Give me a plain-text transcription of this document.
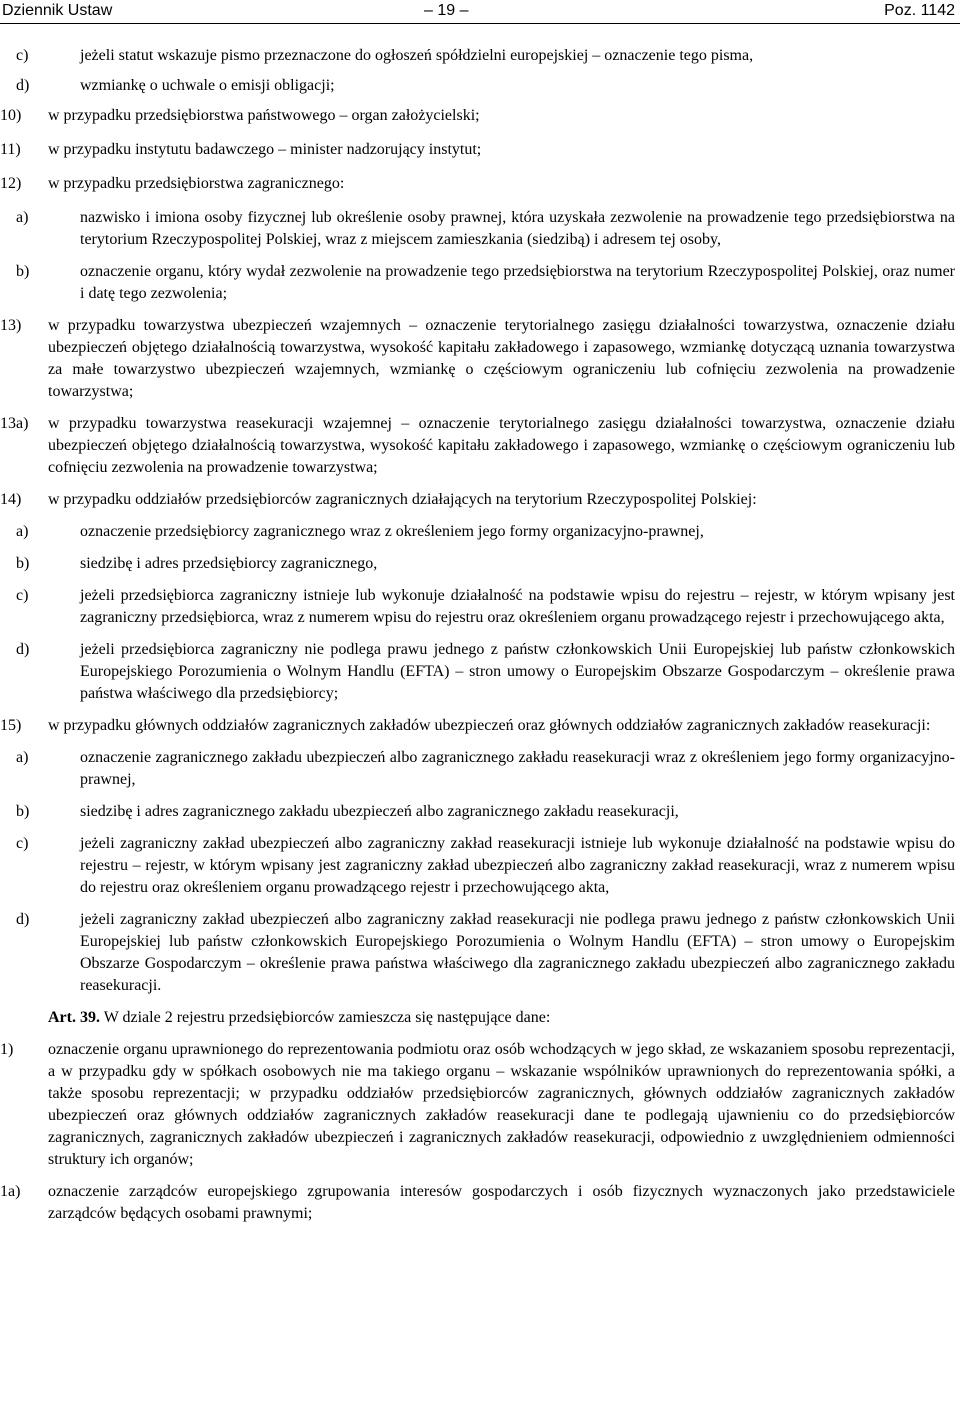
Dziennik Ustaw	– 19 –	Poz. 1142
c)	jeżeli statut wskazuje pismo przeznaczone do ogłoszeń spółdzielni europejskiej – oznaczenie tego pisma,
d)	wzmiankę o uchwale o emisji obligacji;
10) w przypadku przedsiębiorstwa państwowego – organ założycielski;
11) w przypadku instytutu badawczego – minister nadzorujący instytut;
12) w przypadku przedsiębiorstwa zagranicznego:
a)	nazwisko i imiona osoby fizycznej lub określenie osoby prawnej, która uzyskała zezwolenie na prowadzenie tego przedsiębiorstwa na terytorium Rzeczypospolitej Polskiej, wraz z miejscem zamieszkania (siedzibą) i adresem tej osoby,
b)	oznaczenie organu, który wydał zezwolenie na prowadzenie tego przedsiębiorstwa na terytorium Rzeczypospolitej Polskiej, oraz numer i datę tego zezwolenia;
13) w przypadku towarzystwa ubezpieczeń wzajemnych – oznaczenie terytorialnego zasięgu działalności towarzystwa, oznaczenie działu ubezpieczeń objętego działalnością towarzystwa, wysokość kapitału zakładowego i zapasowego, wzmiankę dotyczącą uznania towarzystwa za małe towarzystwo ubezpieczeń wzajemnych, wzmiankę o częściowym ograniczeniu lub cofnięciu zezwolenia na prowadzenie towarzystwa;
13a) w przypadku towarzystwa reasekuracji wzajemnej – oznaczenie terytorialnego zasięgu działalności towarzystwa, oznaczenie działu ubezpieczeń objętego działalnością towarzystwa, wysokość kapitału zakładowego i zapasowego, wzmiankę o częściowym ograniczeniu lub cofnięciu zezwolenia na prowadzenie towarzystwa;
14) w przypadku oddziałów przedsiębiorców zagranicznych działających na terytorium Rzeczypospolitej Polskiej:
a)	oznaczenie przedsiębiorcy zagranicznego wraz z określeniem jego formy organizacyjno-prawnej,
b)	siedzibę i adres przedsiębiorcy zagranicznego,
c)	jeżeli przedsiębiorca zagraniczny istnieje lub wykonuje działalność na podstawie wpisu do rejestru – rejestr, w którym wpisany jest zagraniczny przedsiębiorca, wraz z numerem wpisu do rejestru oraz określeniem organu prowadzącego rejestr i przechowującego akta,
d)	jeżeli przedsiębiorca zagraniczny nie podlega prawu jednego z państw członkowskich Unii Europejskiej lub państw członkowskich Europejskiego Porozumienia o Wolnym Handlu (EFTA) – stron umowy o Europejskim Obszarze Gospodarczym – określenie prawa państwa właściwego dla przedsiębiorcy;
15) w przypadku głównych oddziałów zagranicznych zakładów ubezpieczeń oraz głównych oddziałów zagranicznych zakładów reasekuracji:
a)	oznaczenie zagranicznego zakładu ubezpieczeń albo zagranicznego zakładu reasekuracji wraz z określeniem jego formy organizacyjno-prawnej,
b)	siedzibę i adres zagranicznego zakładu ubezpieczeń albo zagranicznego zakładu reasekuracji,
c)	jeżeli zagraniczny zakład ubezpieczeń albo zagraniczny zakład reasekuracji istnieje lub wykonuje działalność na podstawie wpisu do rejestru – rejestr, w którym wpisany jest zagraniczny zakład ubezpieczeń albo zagraniczny zakład reasekuracji, wraz z numerem wpisu do rejestru oraz określeniem organu prowadzącego rejestr i przechowującego akta,
d)	jeżeli zagraniczny zakład ubezpieczeń albo zagraniczny zakład reasekuracji nie podlega prawu jednego z państw członkowskich Unii Europejskiej lub państw członkowskich Europejskiego Porozumienia o Wolnym Handlu (EFTA) – stron umowy o Europejskim Obszarze Gospodarczym – określenie prawa państwa właściwego dla zagranicznego zakładu ubezpieczeń albo zagranicznego zakładu reasekuracji.
Art. 39. W dziale 2 rejestru przedsiębiorców zamieszcza się następujące dane:
1) oznaczenie organu uprawnionego do reprezentowania podmiotu oraz osób wchodzących w jego skład, ze wskazaniem sposobu reprezentacji, a w przypadku gdy w spółkach osobowych nie ma takiego organu – wskazanie wspólników uprawnionych do reprezentowania spółki, a także sposobu reprezentacji; w przypadku oddziałów przedsiębiorców zagranicznych, głównych oddziałów zagranicznych zakładów ubezpieczeń oraz głównych oddziałów zagranicznych zakładów reasekuracji dane te podlegają ujawnieniu co do przedsiębiorców zagranicznych, zagranicznych zakładów ubezpieczeń i zagranicznych zakładów reasekuracji, odpowiednio z uwzględnieniem odmienności struktury ich organów;
1a) oznaczenie zarządców europejskiego zgrupowania interesów gospodarczych i osób fizycznych wyznaczonych jako przedstawiciele zarządców będących osobami prawnymi;
